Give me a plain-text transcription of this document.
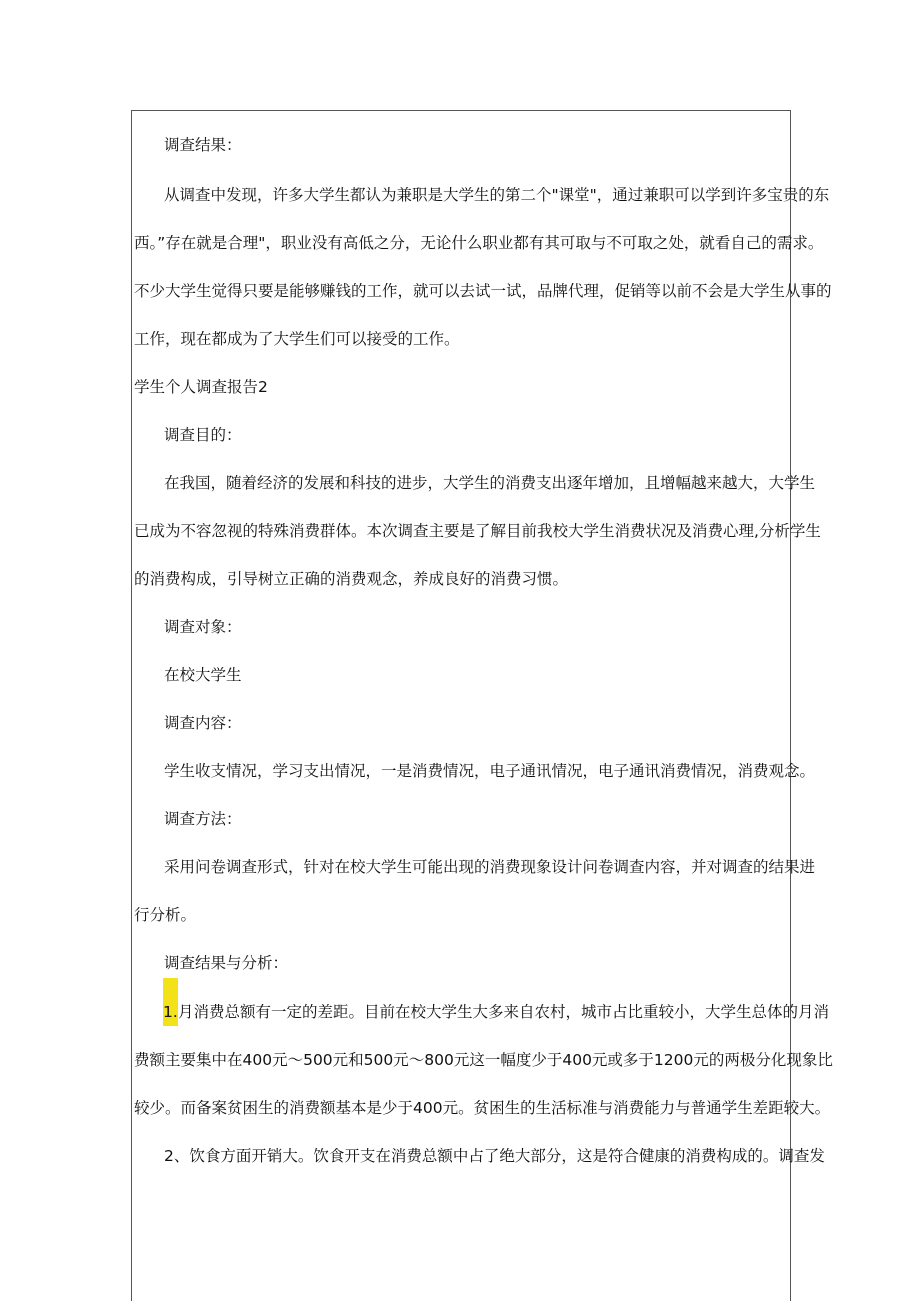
调查结果：
从调查中发现，许多大学生都认为兼职是大学生的第二个"课堂"，通过兼职可以学到许多宝贵的东
西。”存在就是合理"，职业没有高低之分，无论什么职业都有其可取与不可取之处，就看自己的需求。
不少大学生觉得只要是能够赚钱的工作，就可以去试一试，品牌代理，促销等以前不会是大学生从事的
工作，现在都成为了大学生们可以接受的工作。
学生个人调查报告2
调查目的：
在我国，随着经济的发展和科技的进步，大学生的消费支出逐年增加，且增幅越来越大，大学生
已成为不容忽视的特殊消费群体。本次调查主要是了解目前我校大学生消费状况及消费心理,分析学生
的消费构成，引导树立正确的消费观念，养成良好的消费习惯。
调查对象：
在校大学生
调查内容：
学生收支情况，学习支出情况，一是消费情况，电子通讯情况，电子通讯消费情况，消费观念。
调查方法：
采用问卷调查形式，针对在校大学生可能出现的消费现象设计问卷调查内容，并对调查的结果进
行分析。
调查结果与分析：
1. 月消费总额有一定的差距。目前在校大学生大多来自农村，城市占比重较小，大学生总体的月消
费额主要集中在400元〜500元和500元〜800元这一幅度少于400元或多于1200元的两极分化现象比
较少。而备案贫困生的消费额基本是少于400元。贫困生的生活标准与消费能力与普通学生差距较大。
2、饮食方面开销大。饮食开支在消费总额中占了绝大部分，这是符合健康的消费构成的。调查发
